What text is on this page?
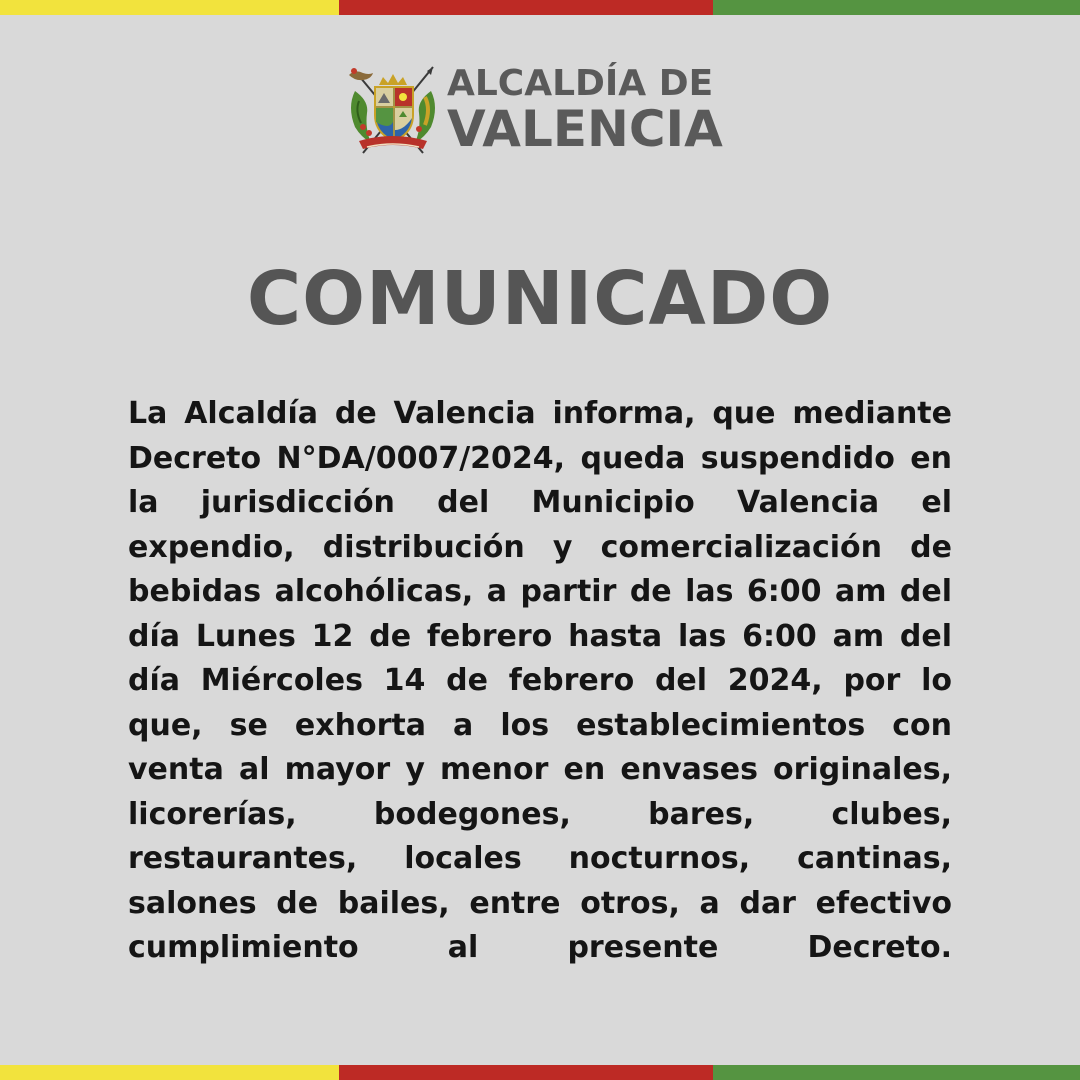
ALCALDÍA DE
VALENCIA
COMUNICADO

La Alcaldía de Valencia informa, que mediante Decreto N°DA/0007/2024, queda suspendido en la jurisdicción del Municipio Valencia el expendio, distribución y comercialización de bebidas alcohólicas, a partir de las 6:00 am del día Lunes 12 de febrero hasta las 6:00 am del día Miércoles 14 de febrero del 2024, por lo que, se exhorta a los establecimientos con venta al mayor y menor en envases originales, licorerías, bodegones, bares, clubes, restaurantes, locales nocturnos, cantinas, salones de bailes, entre otros, a dar efectivo cumplimiento al presente Decreto.
